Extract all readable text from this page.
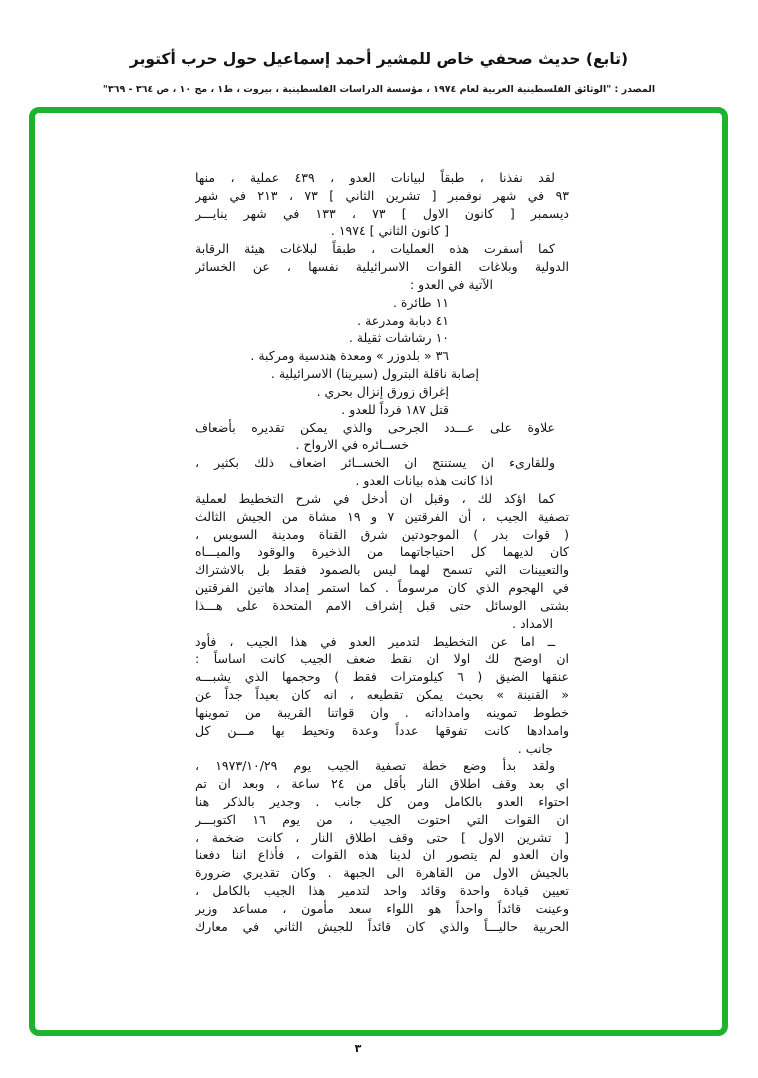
(تابع) حديث صحفي خاص للمشير أحمد إسماعيل حول حرب أكتوبر
المصدر : "الوثائق الفلسطينية العربية لعام ١٩٧٤ ، مؤسسة الدراسات الفلسطينية ، بيروت ، ط١ ، مج ١٠ ، ص ٣٦٤ - ٣٦٩"
لقد نفذنا ، طبقاً لبيانات العدو ، ٤٣٩ عملية ، منها
٩٣ في شهر نوفمبر [ تشرين الثاني ] ٧٣ ، ٢١٣ في شهر
ديسمبر [ كانون الاول ] ٧٣ ، ١٣٣ في شهر ينايـــر
[ كانون الثاني ] ١٩٧٤ .
كما أسفرت هذه العمليات ، طبقاً لبلاغات هيئة الرقابة
الدولية وبلاغات القوات الاسرائيلية نفسها ، عن الخسائر
الآتية في العدو :
١١ طائرة .
٤١ دبابة ومدرعة .
١٠ رشاشات ثقيلة .
٣٦ « بلدوزر » ومعدة هندسية ومركبة .
إصابة ناقلة البترول (سيرينا) الاسرائيلية .
إغراق زورق إنزال بحري .
قتل ١٨٧ فرداً للعدو .
علاوة على عـــدد الجرحى والذي يمكن تقديره بأضعاف
خســائره في الارواح .
وللقارىء ان يستنتج ان الخســائر اضعاف ذلك بكثير ،
اذا كانت هذه بيانات العدو .
كما اؤكد لك ، وقبل ان أدخل في شرح التخطيط لعملية
تصفية الجيب ، أن الفرقتين ٧ و ١٩ مشاة من الجيش الثالث
( قوات بدر ) الموجودتين شرق القناة ومدينة السويس ،
كان لديهما كل احتياجاتهما من الذخيرة والوقود والميـــاه
والتعيينات التي تسمح لهما ليس بالصمود فقط بل بالاشتراك
في الهجوم الذي كان مرسوماً . كما استمر إمداد هاتين الفرقتين
بشتى الوسائل حتى قبل إشراف الامم المتحدة على هـــذا
الامداد .
ــ اما عن التخطيط لتدمير العدو في هذا الجيب ، فأود
ان اوضح لك اولا ان نقط ضعف الجيب كانت اساساً :
عنقها الضيق ( ٦ كيلومترات فقط ) وحجمها الذي يشبـــه
« القنينة » بحيث يمكن تقطيعه ، انه كان بعيداً جداً عن
خطوط تموينه وامداداته . وان قواتنا القريبة من تموينها
وامدادها كانت تفوقها عدداً وعدة وتحيط بها مـــن كل
جانب .
ولقد بدأ وضع خطة تصفية الجيب يوم ١٩٧٣/١٠/٢٩ ،
اي بعد وقف اطلاق النار بأقل من ٢٤ ساعة ، وبعد ان تم
احتواء العدو بالكامل ومن كل جانب . وجدير بالذكر هنا
ان القوات التي احتوت الجيب ، من يوم ١٦ اكتوبـــر
[ تشرين الاول ] حتى وقف اطلاق النار ، كانت ضخمة ،
وان العدو لم يتصور ان لدينا هذه القوات ، فأذاع اننا دفعنا
بالجيش الاول من القاهرة الى الجبهة . وكان تقديري ضرورة
تعيين قيادة واحدة وقائد واحد لتدمير هذا الجيب بالكامل ،
وعينت قائداً واحداً هو اللواء سعد مأمون ، مساعد وزير
الحربية حاليـــاً والذي كان قائداً للجيش الثاني في معارك
٣
